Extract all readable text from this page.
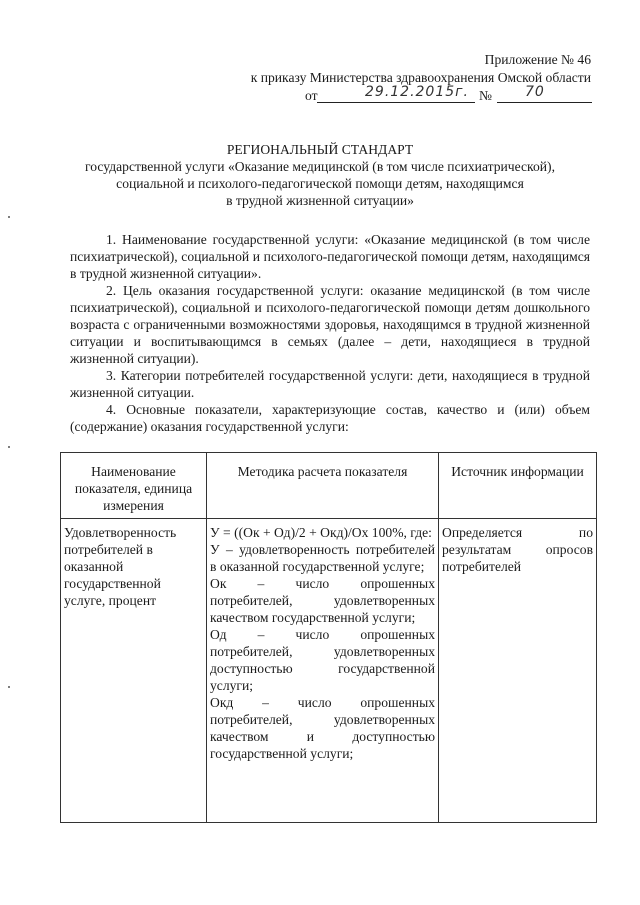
Приложение № 46
к приказу Министерства здравоохранения Омской области
от	29.12.2015г. № 70
РЕГИОНАЛЬНЫЙ СТАНДАРТ
государственной услуги «Оказание медицинской (в том числе психиатрической),
социальной и психолого-педагогической помощи детям, находящимся
в трудной жизненной ситуации»

1. Наименование государственной услуги: «Оказание медицинской (в том числе психиатрической), социальной и психолого-педагогической помощи детям, находящимся в трудной жизненной ситуации».

2. Цель оказания государственной услуги: оказание медицинской (в том числе психиатрической), социальной и психолого-педагогической помощи детям дошкольного возраста с ограниченными возможностями здоровья, находящимся в трудной жизненной ситуации и воспитывающимся в семьях (далее – дети, находящиеся в трудной жизненной ситуации).

3. Категории потребителей государственной услуги: дети, находящиеся в трудной жизненной ситуации.

4. Основные показатели, характеризующие состав, качество и (или) объем (содержание) оказания государственной услуги:

Наименование показателя, единица измерения	Методика расчета показателя	Источник информации
Удовлетворенность потребителей в оказанной государственной услуге, процент	У = ((Ок + Од)/2 + Окд)/Ох 100%, где:
У – удовлетворенность потребителей в оказанной государственной услуге;
Ок – число опрошенных потребителей, удовлетворенных качеством государственной услуги;
Од – число опрошенных потребителей, удовлетворенных доступностью государственной услуги;
Окд – число опрошенных потребителей, удовлетворенных качеством и доступностью государственной услуги;	Определяется по результатам опросов потребителей
